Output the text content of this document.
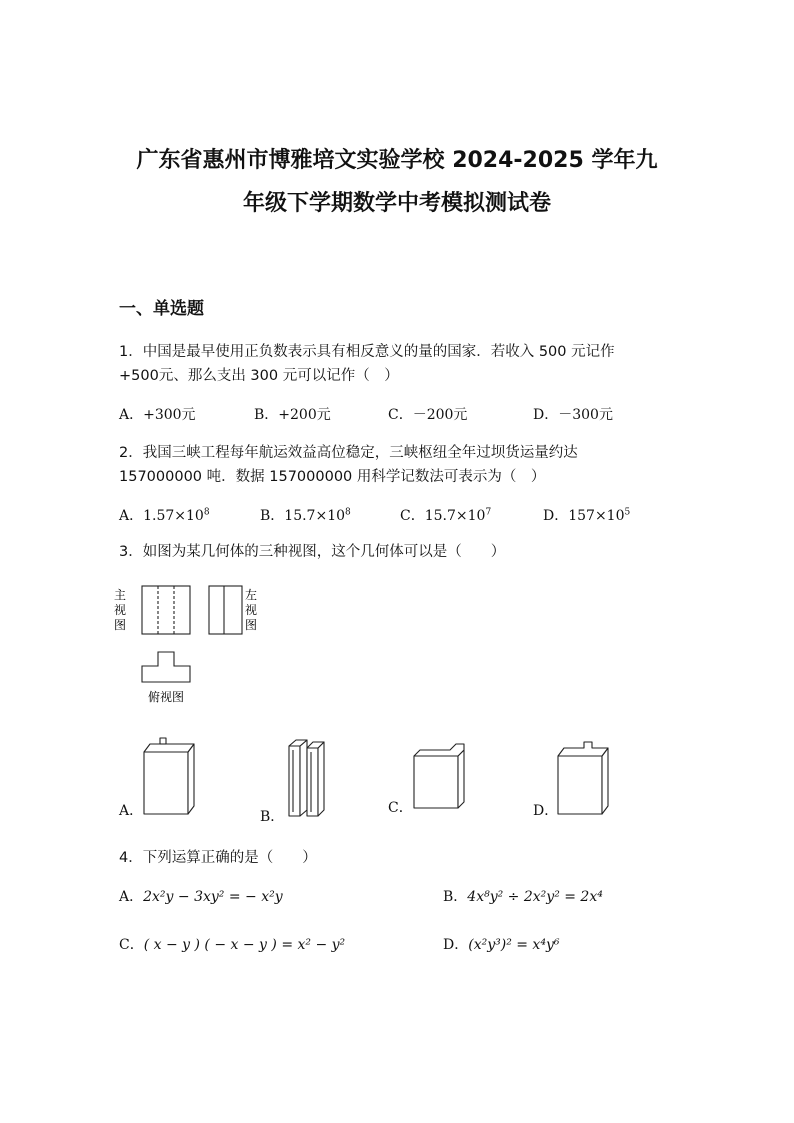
广东省惠州市博雅培文实验学校 2024-2025 学年九
年级下学期数学中考模拟测试卷
一、单选题
1．中国是最早使用正负数表示具有相反意义的量的国家．若收入 500 元记作
+500元、那么支出 300 元可以记作（　）
A．+300元	B．+200元	C．－200元	D．－300元
2．我国三峡工程每年航运效益高位稳定，三峡枢纽全年过坝货运量约达
157000000 吨．数据 157000000 用科学记数法可表示为（　）
A．$1.57\times 10^8$	B．$15.7\times 10^8$	C．$15.7\times 10^7$	D．$157\times 10^5$
3．如图为某几何体的三种视图，这个几何体可以是（　　）
主
视
图
左
视
图
俯视图
A．	B．
C．	D．
4．下列运算正确的是（　　）
A．2x²y − 3xy² = − x²y	B．4x⁸y² ÷ 2x²y² = 2x⁴
C．( x − y ) ( − x − y ) = x² − y²	D．(x²y³)² = x⁴y⁶
